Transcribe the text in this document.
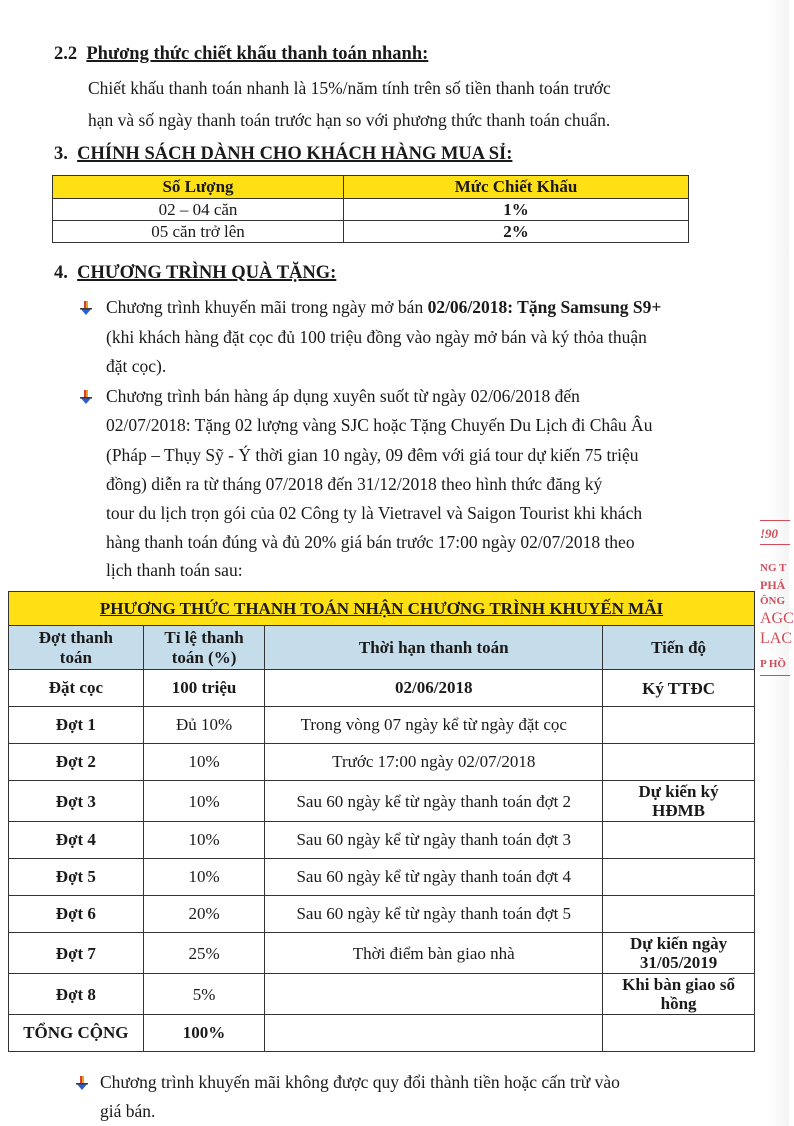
2.2 Phương thức chiết khấu thanh toán nhanh:
Chiết khấu thanh toán nhanh là 15%/năm tính trên số tiền thanh toán trước
hạn và số ngày thanh toán trước hạn so với phương thức thanh toán chuẩn.
3. CHÍNH SÁCH DÀNH CHO KHÁCH HÀNG MUA SỈ:
Số Lượng	Mức Chiết Khấu
02 – 04 căn	1%
05 căn trở lên	2%
4. CHƯƠNG TRÌNH QUÀ TẶNG:
Chương trình khuyến mãi trong ngày mở bán 02/06/2018: Tặng Samsung S9+
(khi khách hàng đặt cọc đủ 100 triệu đồng vào ngày mở bán và ký thỏa thuận
đặt cọc).
Chương trình bán hàng áp dụng xuyên suốt từ ngày 02/06/2018 đến
02/07/2018: Tặng 02 lượng vàng SJC hoặc Tặng Chuyến Du Lịch đi Châu Âu
(Pháp – Thụy Sỹ - Ý thời gian 10 ngày, 09 đêm với giá tour dự kiến 75 triệu
đồng) diễn ra từ tháng 07/2018 đến 31/12/2018 theo hình thức đăng ký
tour du lịch trọn gói của 02 Công ty là Vietravel và Saigon Tourist khi khách
hàng thanh toán đúng và đủ 20% giá bán trước 17:00 ngày 02/07/2018 theo
lịch thanh toán sau:
PHƯƠNG THỨC THANH TOÁN NHẬN CHƯƠNG TRÌNH KHUYẾN MÃI			
Đợt thanh
toán	Tỉ lệ thanh
toán (%)	Thời hạn thanh toán	Tiến độ
Đặt cọc	100 triệu	02/06/2018	Ký TTĐC
Đợt 1	Đủ 10%	Trong vòng 07 ngày kể từ ngày đặt cọc	
Đợt 2	10%	Trước 17:00 ngày 02/07/2018	
Đợt 3	10%	Sau 60 ngày kể từ ngày thanh toán đợt 2	Dự kiến ký
HĐMB
Đợt 4	10%	Sau 60 ngày kể từ ngày thanh toán đợt 3	
Đợt 5	10%	Sau 60 ngày kể từ ngày thanh toán đợt 4	
Đợt 6	20%	Sau 60 ngày kể từ ngày thanh toán đợt 5	
Đợt 7	25%	Thời điểm bàn giao nhà	Dự kiến ngày
31/05/2019
Đợt 8	5%		Khi bàn giao sổ
hồng
TỔNG CỘNG	100%		
Chương trình khuyến mãi không được quy đổi thành tiền hoặc cấn trừ vào
giá bán.
!90
NG T
PHÁ
ÔNG
AGC
LAC
P HỒ
